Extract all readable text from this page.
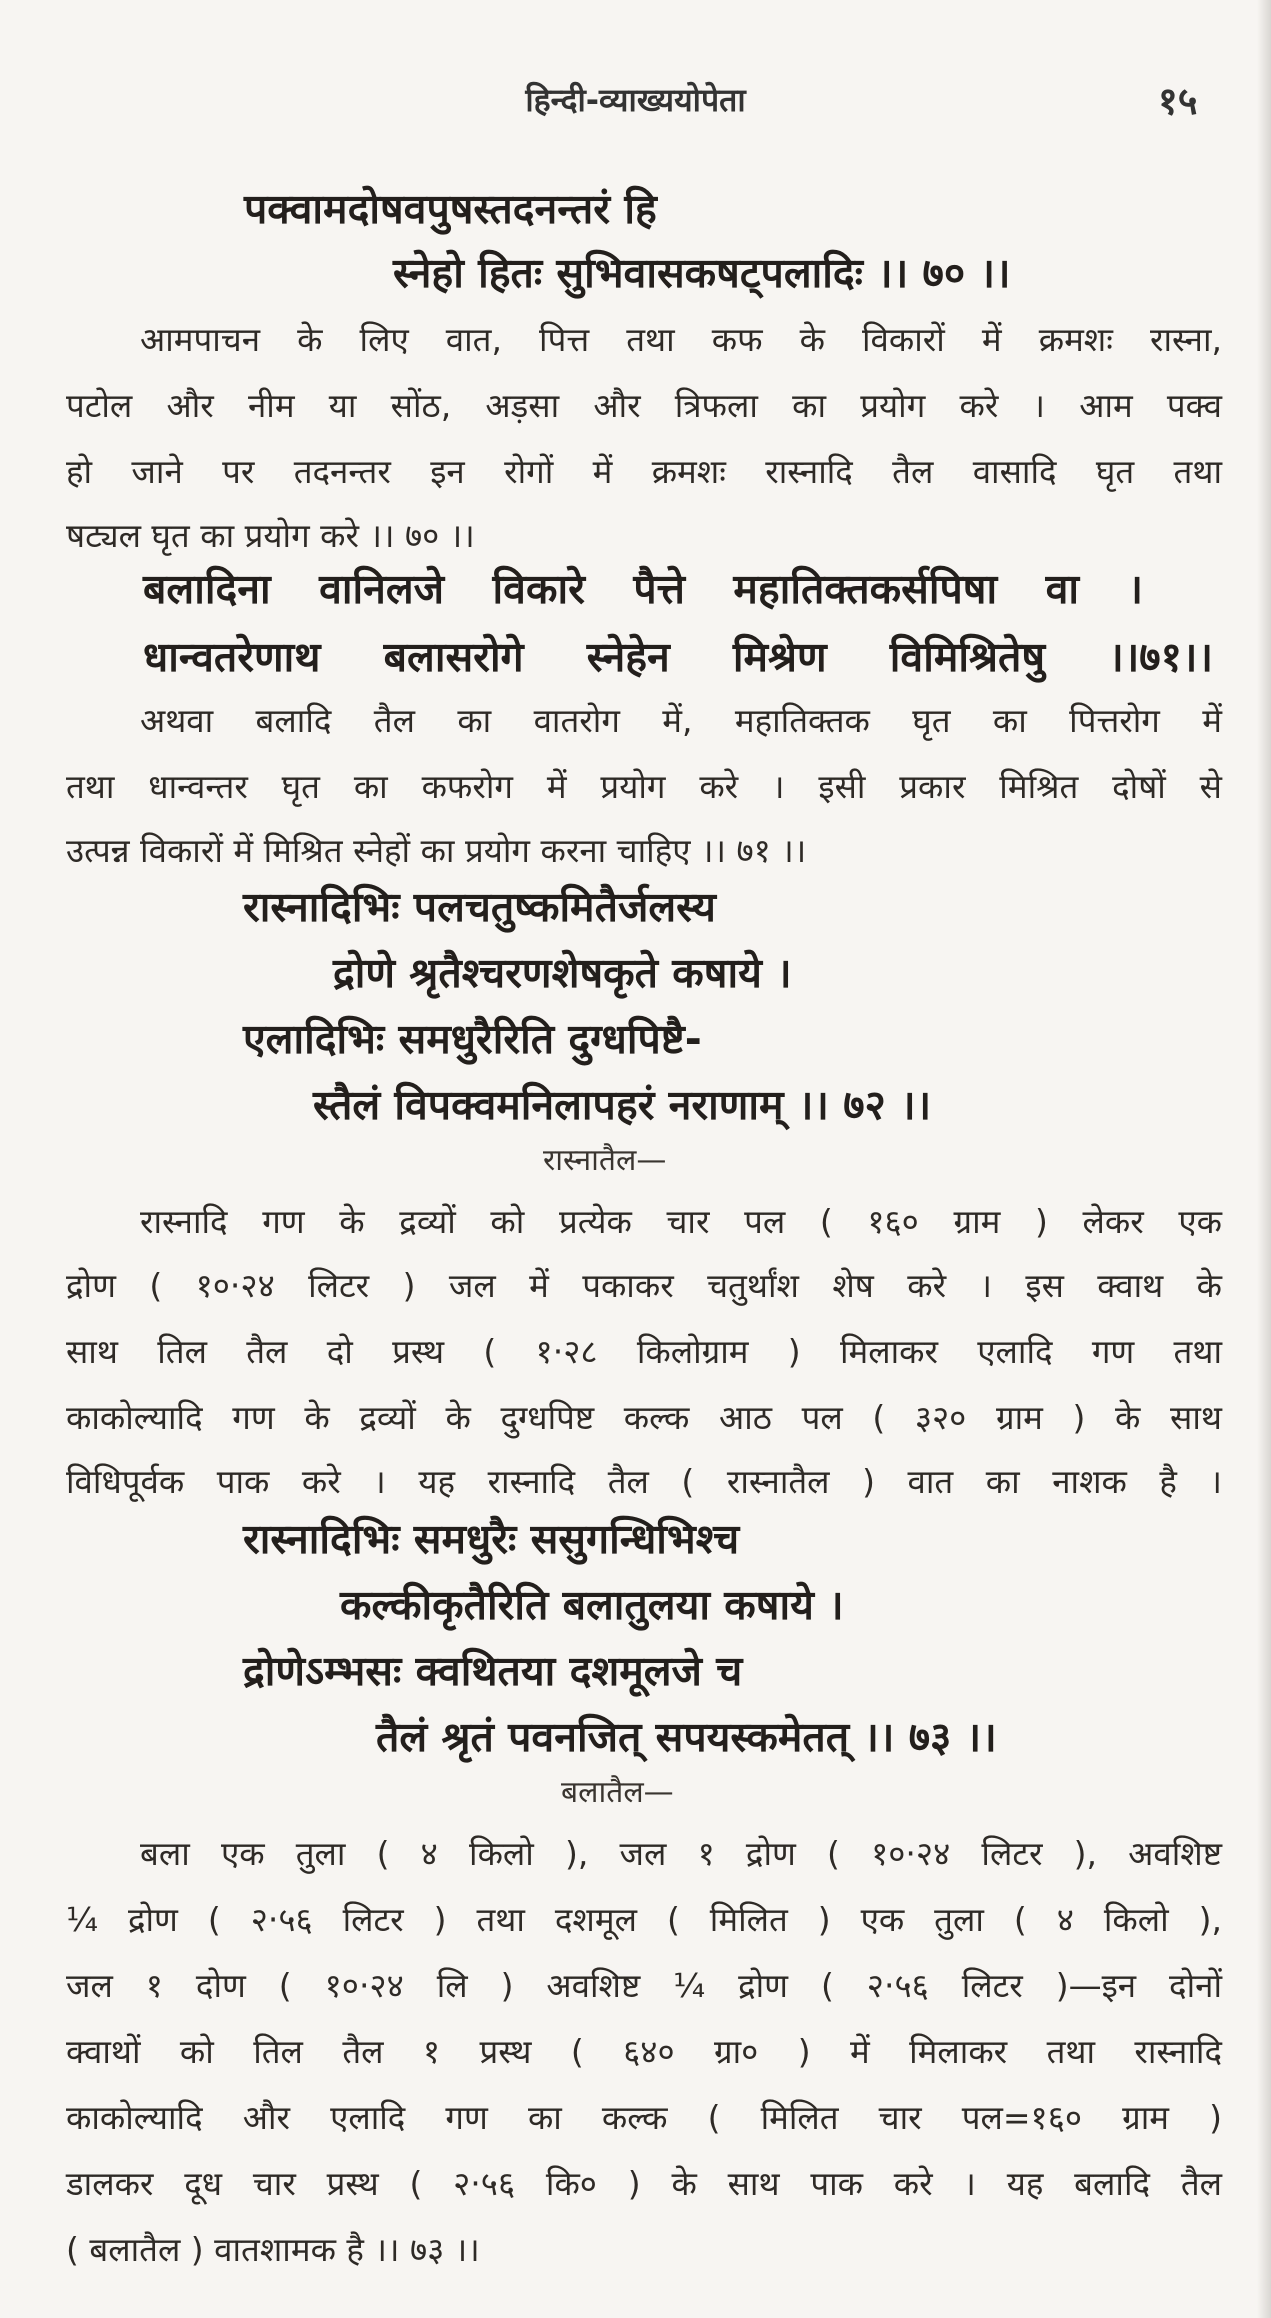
हिन्दी-व्याख्ययोपेता	१५
पक्वामदोषवपुषस्तदनन्तरं हि
स्नेहो हितः सुभिवासकषट्पलादिः ।। ७० ।।
आमपाचन के लिए वात, पित्त तथा कफ के विकारों में क्रमशः रास्ना,
पटोल और नीम या सोंठ, अड़सा और त्रिफला का प्रयोग करे । आम पक्व
हो जाने पर तदनन्तर इन रोगों में क्रमशः रास्नादि तैल वासादि घृत तथा
षट्यल घृत का प्रयोग करे ।। ७० ।।
बलादिना वानिलजे विकारे पैत्ते महातिक्तकर्सपिषा वा ।
धान्वतरेणाथ बलासरोगे स्नेहेन मिश्रेण विमिश्रितेषु ।।७१।।
अथवा बलादि तैल का वातरोग में, महातिक्तक घृत का पित्तरोग में
तथा धान्वन्तर घृत का कफरोग में प्रयोग करे । इसी प्रकार मिश्रित दोषों से
उत्पन्न विकारों में मिश्रित स्नेहों का प्रयोग करना चाहिए ।। ७१ ।।
रास्नादिभिः पलचतुष्कमितैर्जलस्य
द्रोणे श्रृतैश्चरणशेषकृते कषाये ।
एलादिभिः समधुरैरिति दुग्धपिष्टै-
स्तैलं विपक्वमनिलापहरं नराणाम् ।। ७२ ।।
रास्नातैल—
रास्नादि गण के द्रव्यों को प्रत्येक चार पल ( १६० ग्राम ) लेकर एक
द्रोण ( १०·२४ लिटर ) जल में पकाकर चतुर्थांश शेष करे । इस क्वाथ के
साथ तिल तैल दो प्रस्थ ( १·२८ किलोग्राम ) मिलाकर एलादि गण तथा
काकोल्यादि गण के द्रव्यों के दुग्धपिष्ट कल्क आठ पल ( ३२० ग्राम ) के साथ
विधिपूर्वक पाक करे । यह रास्नादि तैल ( रास्नातैल ) वात का नाशक है ।
रास्नादिभिः समधुरैः ससुगन्धिभिश्च
कल्कीकृतैरिति बलातुलया कषाये ।
द्रोणेऽम्भसः क्वथितया दशमूलजे च
तैलं श्रृतं पवनजित् सपयस्कमेतत् ।। ७३ ।।
बलातैल—
बला एक तुला ( ४ किलो ), जल १ द्रोण ( १०·२४ लिटर ), अवशिष्ट
¼ द्रोण ( २·५६ लिटर ) तथा दशमूल ( मिलित ) एक तुला ( ४ किलो ),
जल १ दोण ( १०·२४ लि ) अवशिष्ट ¼ द्रोण ( २·५६ लिटर )—इन दोनों
क्वाथों को तिल तैल १ प्रस्थ ( ६४० ग्रा० ) में मिलाकर तथा रास्नादि
काकोल्यादि और एलादि गण का कल्क ( मिलित चार पल=१६० ग्राम )
डालकर दूध चार प्रस्थ ( २·५६ कि० ) के साथ पाक करे । यह बलादि तैल
( बलातैल ) वातशामक है ।। ७३ ।।
